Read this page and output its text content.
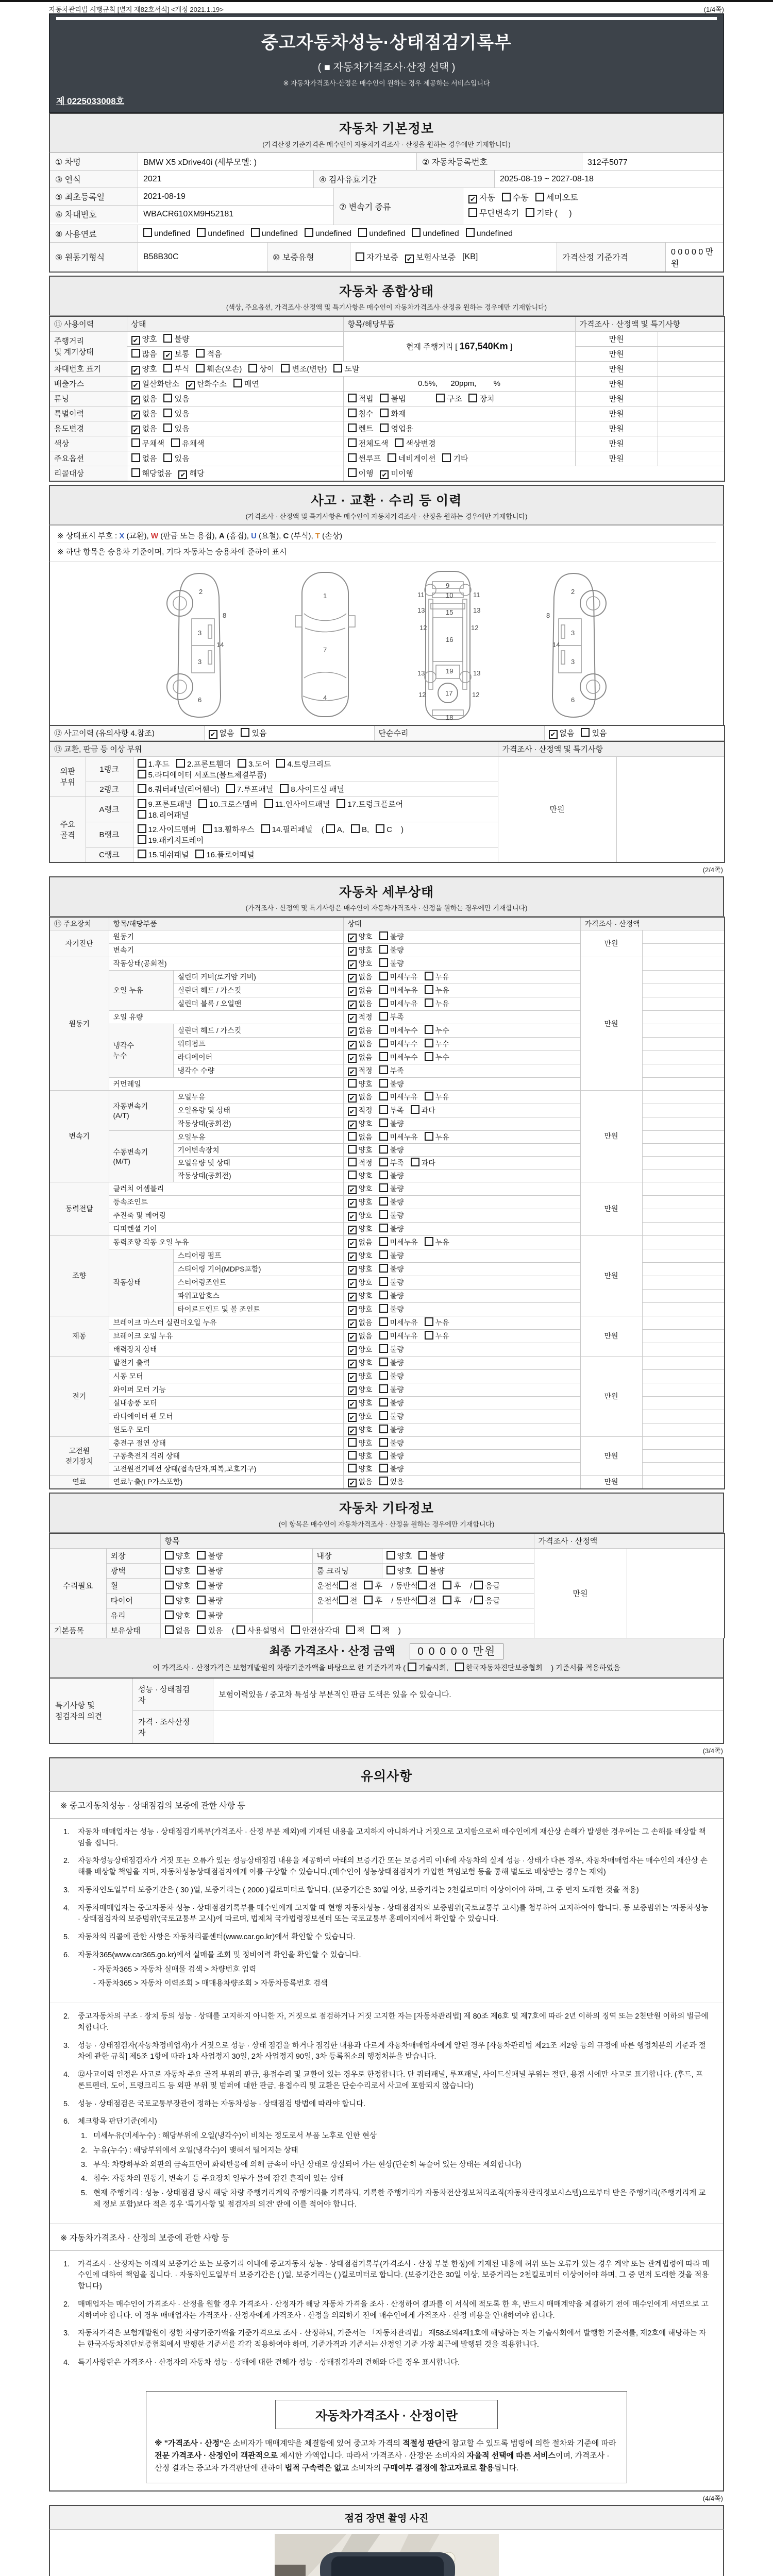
자동차관리법 시행규칙 [별지 제82호서식] <개정 2021.1.19>	(1/4쪽)
중고자동차성능·상태점검기록부
( ■ 자동차가격조사·산정 선택 )
※ 자동차가격조사·산정은 매수인이 원하는 경우 제공하는 서비스입니다
제 0225033008호
자동차 기본정보
(가격산정 기준가격은 매수인이 자동차가격조사 · 산정을 원하는 경우에만 기재합니다)
① 차명	BMW X5 xDrive40i (세부모델: )	② 자동차등록번호	312주5077
③ 연식	2021	④ 검사유효기간	2025-08-19 ~ 2027-08-18
⑤ 최초등록일	2021-08-19
⑥ 차대번호	WBACR610XM9H52181
⑦ 변속기 종류
✔ 자동 수동 세미오토
무단변속기 기타 (     )
⑧ 사용연료	undefined	undefined	undefined	undefined	undefined	undefined	undefined
⑨ 원동기형식	B58B30C	⑩ 보증유형	자가보증 ✔ 보험사보증 [KB]	가격산정 기준가격
0 0 0 0 0 만원
자동차 종합상태
(색상, 주요옵션, 가격조사·산정액 및 특기사항은 매수인이 자동차가격조사·산정을 원하는 경우에만 기재합니다)
⑪ 사용이력	상태	항목/해당부품	가격조사 · 산정액 및 특기사항	
주행거리
및 계기상태	✔ 양호 불량	현재 주행거리 [ 167,540Km ]	만원	
	많음 ✔ 보통 적음		만원	
차대번호 표기	✔ 양호 부식 훼손(오손) 상이 변조(변탄) 도말		만원	
배출가스	✔ 일산화탄소 ✔ 탄화수소 매연	0.5%,      20ppm,        %	만원	
튜닝	✔ 없음 있음	적법 불법 구조 장치	만원	
특별이력	✔ 없음 있음	침수 화재	만원	
용도변경	✔ 없음 있음	렌트 영업용	만원	
색상	무채색 유채색	전체도색 색상변경	만원	
주요옵션	없음 있음	썬루프 네비게이션 기타	만원	
리콜대상	해당없음 ✔ 해당	이행 ✔ 미이행		
사고 · 교환 · 수리 등 이력
(가격조사 · 산정액 및 특기사항은 매수인이 자동차가격조사 · 산정을 원하는 경우에만 기재합니다)
※ 상태표시 부호 : X (교환), W (판금 또는 용접), A (흠집), U (요철), C (부식), T (손상)
※ 하단 항목은 승용차 기준이며, 기타 자동차는 승용차에 준하여 표시
2
8
3
14
3
6
1
7
4
9
10
15
16
11	11
13	13
12	12
19
13	13
17
12	12
18
2
8
3
14
3
6
⑫ 사고이력 (유의사항 4.참조)	✔ 없음 있음	단순수리	✔ 없음 있음
⑬ 교환, 판금 등 이상 부위			가격조사 · 산정액 및 특기사항	
외판
부위	1랭크	1.후드 2.프론트휀더 3.도어 4.트렁크리드
5.라디에이터 서포트(볼트체결부품)	만원	
	2랭크	6.쿼터패널(리어휀더) 7.루프패널 8.사이드실 패널		
주요
골격	A랭크	9.프론트패널 10.크로스멤버 11.인사이드패널 17.트렁크플로어
18.리어패널		
	B랭크	12.사이드멤버 13.휠하우스 14.필러패널 ( A, B, C )
19.패키지트레이		
	C랭크	15.대쉬패널 16.플로어패널		
(2/4쪽)
자동차 세부상태
(가격조사 · 산정액 및 특기사항은 매수인이 자동차가격조사 · 산정을 원하는 경우에만 기재합니다)
⑭ 주요장치	항목/해당부품		상태	가격조사 · 산정액	
자기진단	원동기		✔ 양호 불량	만원	
	변속기		✔ 양호 불량		
원동기	작동상태(공회전)		✔ 양호 불량	만원	
	오일 누유	실린더 커버(로커암 커버)	✔ 없음 미세누유 누유		
		실린더 헤드 / 가스킷	✔ 없음 미세누유 누유		
		실린더 블록 / 오일팬	✔ 없음 미세누유 누유		
	오일 유량		✔ 적정 부족		
	냉각수
누수	실린더 헤드 / 가스킷	✔ 없음 미세누수 누수		
		워터펌프	✔ 없음 미세누수 누수		
		라디에이터	✔ 없음 미세누수 누수		
		냉각수 수량	✔ 적정 부족		
	커먼레일		양호 불량		
변속기	자동변속기
(A/T)	오일누유	✔ 없음 미세누유 누유	만원	
		오일유량 및 상태	✔ 적정 부족 과다		
		작동상태(공회전)	✔ 양호 불량		
	수동변속기
(M/T)	오일누유	없음 미세누유 누유		
		기어변속장치	양호 불량		
		오일유량 및 상태	적정 부족 과다		
		작동상태(공회전)	양호 불량		
동력전달	클러치 어셈블리		✔ 양호 불량	만원	
	등속조인트		✔ 양호 불량		
	추진축 및 베어링		✔ 양호 불량		
	디퍼렌셜 기어		✔ 양호 불량		
조향	동력조향 작동 오일 누유		✔ 없음 미세누유 누유	만원	
	작동상태	스티어링 펌프	✔ 양호 불량		
		스티어링 기어(MDPS포함)	✔ 양호 불량		
		스티어링조인트	✔ 양호 불량		
		파워고압호스	✔ 양호 불량		
		타이로드엔드 및 볼 조인트	✔ 양호 불량		
제동	브레이크 마스터 실린더오일 누유		✔ 없음 미세누유 누유	만원	
	브레이크 오일 누유		✔ 없음 미세누유 누유		
	배력장치 상태		✔ 양호 불량		
전기	발전기 출력		✔ 양호 불량	만원	
	시동 모터		✔ 양호 불량		
	와이퍼 모터 기능		✔ 양호 불량		
	실내송풍 모터		✔ 양호 불량		
	라디에이터 팬 모터		✔ 양호 불량		
	윈도우 모터		✔ 양호 불량		
고전원
전기장치	충전구 절연 상태		양호 불량	만원	
	구동축전지 격리 상태		양호 불량		
	고전원전기배선 상태(접속단자,피복,보호기구)		양호 불량		
연료	연료누출(LP가스포함)		✔ 없음 있음	만원	
자동차 기타정보
(이 항목은 매수인이 자동차가격조사 · 산정을 원하는 경우에만 기재합니다)
		항목			가격조사 · 산정액	
수리필요	외장	양호 불량	내장	양호 불량	만원	
	광택	양호 불량	룸 크리닝	양호 불량		
	휠	양호 불량	운전석 전 후 / 동반석 전 후 / 응급			
	타이어	양호 불량	운전석 전 후 / 동반석 전 후 / 응급			
	유리	양호 불량				
기본품목	보유상태	없음 있음 ( 사용설명서 안전삼각대 잭 잭 )				
최종 가격조사 · 산정 금액 0 0 0 0 0 만원
이 가격조사 · 산정가격은 보험개발원의 차량기준가액을 바탕으로 한 기준가격과 ( 기술사회, 한국자동차진단보증협회 ) 기준서를 적용하였음
특기사항 및
점검자의 의견
성능 · 상태점검
자
보험이력있음 / 중고차 특성상 부분적인 판금 도색은 있을 수 있습니다.
가격 · 조사산정
자
(3/4쪽)
유의사항
※ 중고자동차성능 · 상태점검의 보증에 관한 사항 등
1.	자동차 매매업자는 성능 · 상태점검기록부(가격조사 · 산정 부분 제외)에 기재된 내용을 고지하지 아니하거나 거짓으로 고지함으로써 매수인에게 재산상 손해가 발생한 경우에는 그 손해를 배상할 책임을 집니다.
2.	자동차성능상태점검자가 거짓 또는 오류가 있는 성능상태점검 내용을 제공하여 아래의 보증기간 또는 보증거리 이내에 자동차의 실제 성능 · 상태가 다른 경우, 자동차매매업자는 매수인의 재산상 손해를 배상할 책임을 지며, 자동차성능상태점검자에게 이를 구상할 수 있습니다.(매수인이 성능상태점검자가 가입한 책임보험 등을 통해 별도로 배상받는 경우는 제외)
3.	자동차인도일부터 보증기간은 ( 30 )일, 보증거리는 ( 2000 )킬로미터로 합니다. (보증기간은 30일 이상, 보증거리는 2천킬로미터 이상이어야 하며, 그 중 먼저 도래한 것을 적용)
4.	자동차매매업자는 중고자동차 성능 · 상태점검기록부를 매수인에게 고지할 때 현행 자동차성능 · 상태점검자의 보증범위(국토교통부 고시)를 첨부하여 고지하여야 합니다. 동 보증범위는 '자동차성능 · 상태점검자의 보증범위'(국토교통부 고시)에 따르며, 법제처 국가법령정보센터 또는 국토교통부 홈페이지에서 확인할 수 있습니다.
5.	자동차의 리콜에 관한 사항은 자동차리콜센터(www.car.go.kr)에서 확인할 수 있습니다.
6.	자동차365(www.car365.go.kr)에서 실매물 조회 및 정비이력 확인을 확인할 수 있습니다.
- 자동차365 > 자동차 실매물 검색 > 차량번호 입력
- 자동차365 > 자동차 이력조회 > 매매용차량조회 > 자동차등록번호 검색
2.	중고자동차의 구조 · 장치 등의 성능 · 상태를 고지하지 아니한 자, 거짓으로 점검하거나 거짓 고지한 자는 [자동차관리법] 제 80조 제6호 및 제7호에 따라 2년 이하의 징역 또는 2천만원 이하의 벌금에 처합니다.
3.	성능 · 상태점검자(자동차정비업자)가 거짓으로 성능 · 상태 점검을 하거나 점검한 내용과 다르게 자동차매매업자에게 알린 경우 [자동차관리법 제21조 제2항 등의 규정에 따른 행정처분의 기준과 절차에 관한 규칙] 제5조 1항에 따라 1차 사업정지 30일, 2차 사업정지 90일, 3차 등록취소의 행정처분을 받습니다.
4.	⑫사고이력 인정은 사고로 자동차 주요 골격 부위의 판금, 용접수리 및 교환이 있는 경우로 한정합니다. 단 쿼터패널, 루프패널, 사이드실패널 부위는 절단, 용접 시에만 사고로 표기합니다. (후드, 프론트펜더, 도어, 트렁크리드 등 외판 부위 및 범퍼에 대한 판금, 용접수리 및 교환은 단순수리로서 사고에 포함되지 않습니다)
5.	성능 · 상태점검은 국토교통부장관이 정하는 자동차성능 · 상태점검 방법에 따라야 합니다.
6.	체크항목 판단기준(예시)
1. 미세누유(미세누수) : 해당부위에 오일(냉각수)이 비치는 정도로서 부품 노후로 인한 현상
2. 누유(누수) : 해당부위에서 오일(냉각수)이 맺혀서 떨어지는 상태
3. 부식: 차량하부와 외판의 금속표면이 화학반응에 의해 금속이 아닌 상태로 상실되어 가는 현상(단순히 녹슬어 있는 상태는 제외합니다)
4. 침수: 자동차의 원동기, 변속기 등 주요장치 일부가 물에 잠긴 흔적이 있는 상태
5. 현재 주행거리 : 성능 · 상태점검 당시 해당 차량 주행거리계의 주행거리를 기록하되, 기록한 주행거리가 자동차전산정보처리조직(자동차관리정보시스템)으로부터 받은 주행거리(주행거리계 교체 정보 포함)보다 적은 경우 '특기사항 및 점검자의 의견' 란에 이를 적어야 합니다.
※ 자동차가격조사 · 산정의 보증에 관한 사항 등
1.	가격조사 · 산정자는 아래의 보증기간 또는 보증거리 이내에 중고자동차 성능 · 상태점검기록부(가격조사 · 산정 부분 한정)에 기재된 내용에 허위 또는 오류가 있는 경우 계약 또는 관계법령에 따라 매수인에 대하여 책임을 집니다. · 자동차인도일부터 보증기간은 ( )일, 보증거리는 ( )킬로미터로 합니다. (보증기간은 30일 이상, 보증거리는 2천킬로미터 이상이어야 하며, 그 중 먼저 도래한 것을 적용합니다)
2.	매매업자는 매수인이 가격조사 · 산정을 원할 경우 가격조사 · 산정자가 해당 자동차 가격을 조사 · 산정하여 결과를 이 서식에 적도록 한 후, 반드시 매매계약을 체결하기 전에 매수인에게 서면으로 고지하여야 합니다. 이 경우 매매업자는 가격조사 · 산정자에게 가격조사 · 산정을 의뢰하기 전에 매수인에게 가격조사 · 산정 비용을 안내하여야 합니다.
3.	자동차가격은 보험개발원이 정한 차량기준가액을 기준가격으로 조사 · 산정하되, 기준서는 「자동차관리법」 제58조의4제1호에 해당하는 자는 기술사회에서 발행한 기준서를, 제2호에 해당하는 자는 한국자동차진단보증협회에서 발행한 기준서를 각각 적용하여야 하며, 기준가격과 기준서는 산정일 기준 가장 최근에 발행된 것을 적용합니다.
4.	특기사항란은 가격조사 · 산정자의 자동차 성능 · 상태에 대한 견해가 성능 · 상태점검자의 견해와 다를 경우 표시합니다.
자동차가격조사 · 산정이란
※ "가격조사 · 산정"은 소비자가 매매계약을 체결함에 있어 중고차 가격의 적절성 판단에 참고할 수 있도록 법령에 의한 절차와 기준에 따라 전문 가격조사 · 산정인이 객관적으로 제시한 가액입니다. 따라서 '가격조사 · 산정'은 소비자의 자율적 선택에 따른 서비스이며, 가격조사 · 산정 결과는 중고차 가격판단에 관하여 법적 구속력은 없고 소비자의 구매여부 결정에 참고자료로 활용됩니다.
(4/4쪽)
점검 장면 촬영 사진
